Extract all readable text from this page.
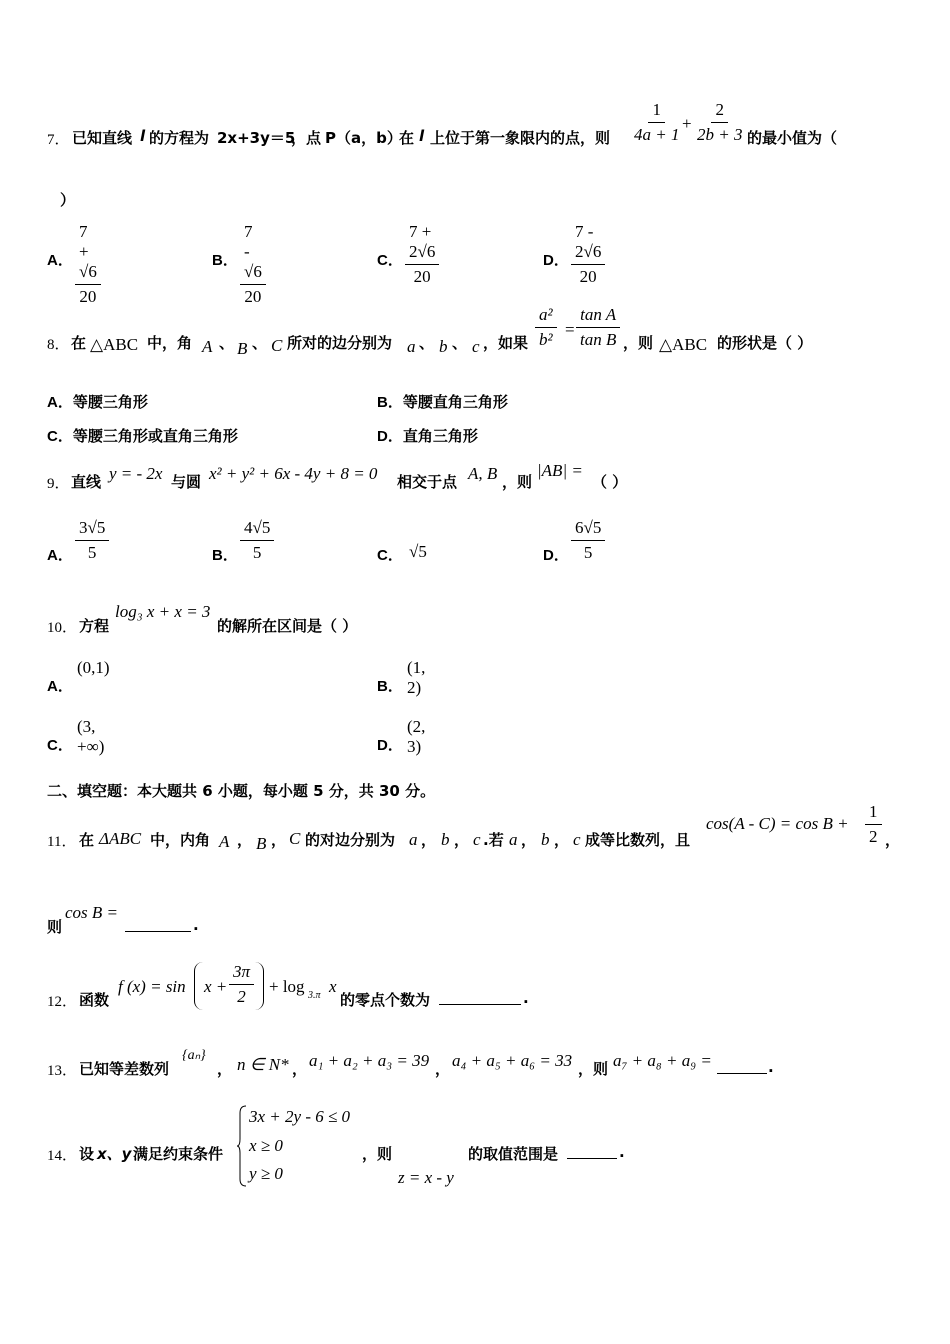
7． 已知直线 l 的方程为 2x+3y＝5
，点 P（a，b）
在 l 上位于第一象限内的点，则 $\frac{1}{4a + 1}$
+ $\frac{2}{2b + 3}$ 的最小值为（
）
A． $\frac{7 + √6}{20}$	B． $\frac{7 - √6}{20}$	C． $\frac{7 + 2√6}{20}$	D． $\frac{7 - 2√6}{20}$
8． 在 △ABC 中，角 A 、 B 、 C 所对的边分别为 a 、 b 、 c ，如果 $\frac{\text{a²}}{\text{b²}} = \frac{\text{tan A}}{\text{tan B}}$ ，则 △ABC 的形状是（ ）
A．等腰三角形	B．等腰直角三角形
C．等腰三角形或直角三角形	D．直角三角形
9． 直线 y = - 2x 与圆 x² + y² + 6x - 4y + 8 = 0 相交于点 A, B ，则
|AB| =
（ ）
A． $\frac{3√5}{5}$	B． $\frac{4√5}{5}$	C． √5	D． $\frac{6√5}{5}$
10． 方程
log₃ x + x = 3
的解所在区间是（ ）
A．
(0,1)
B．
(1, 2)
C．
(3, +∞)	D．
(2, 3)
二、填空题：本大题共 6 小题，每小题 5 分，共 30 分。
11． 在 ΔABC 中，内角 A ， B ， C 的对边分别为 a ， b ， c .若 a ， b ， c 成等比数列，且
$\cos(A - C) = \cos B + \frac{1}{2}$ ，
则
cos B =
.
12． 函数
f $(x) = \sin x + \frac{3\pi}{2} + \log 3.\pi$ x
的零点个数为	.
13． 已知等差数列
{aₙ}
， n ∈ N* ， a₁ + a₂ + a₃ = 39 ， a₄ + a₅ + a₆ = 33 ，则 a₇ + a₈ + a₉ =	.
14． 设 x、y 满足约束条件
3x + 2y - 6 ≤ 0
x ≥ 0
y ≥ 0
，则
z = x - y
的取值范围是	.
